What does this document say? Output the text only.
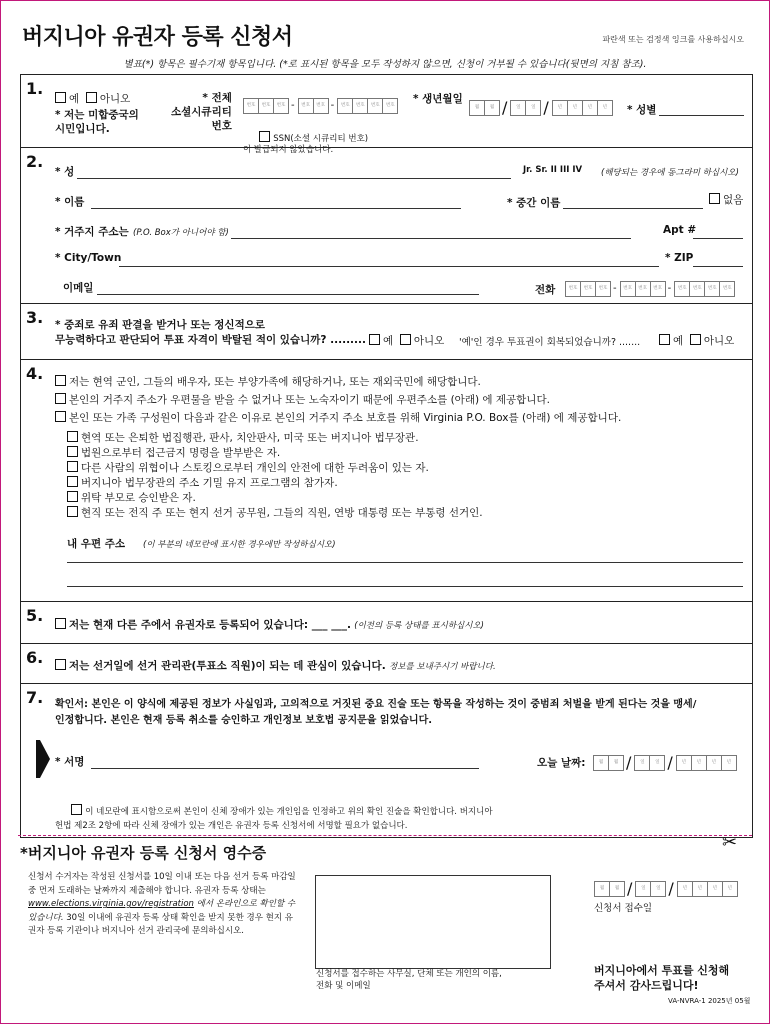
버지니아 유권자 등록 신청서	파란색 또는 검정색 잉크를 사용하십시오
별표(*) 항목은 필수기재 항목입니다. (*로 표시된 항목을 모두 작성하지 않으면, 신청이 거부될 수 있습니다(뒷면의 지침 참조).
1.
예 아니오
* 저는 미합중국의
시민입니다.
* 전체
소셜시큐리티
번호
번호 번호 번호 - 번호 번호 - 번호 번호 번호 번호

SSN(소셜 시큐리티 번호)
이 발급되지 않았습니다.

* 생년월일
월 월 / 일 일 / 년 년 년 년	* 성별
2.
* 성	Jr. Sr. II III IV (해당되는 경우에 동그라미 하십시오)
* 이름	* 중간 이름	없음
* 거주지 주소는 (P.O. Box가 아니어야 함)	Apt #
* City/Town	* ZIP
이메일	전화	번호 번호 번호 - 번호 번호 번호 - 번호 번호 번호 번호
3. * 중죄로 유죄 판결을 받거나 또는 정신적으로
무능력하다고 판단되어 투표 자격이 박탈된 적이 있습니까? .........	예 아니오 '예'인 경우 투표권이 회복되었습니까? .......	예 아니오
4.	저는 현역 군인, 그들의 배우자, 또는 부양가족에 해당하거나, 또는 재외국민에 해당합니다.
본인의 거주지 주소가 우편물을 받을 수 없거나 또는 노숙자이기 때문에 우편주소를 (아래) 에 제공합니다.
본인 또는 가족 구성원이 다음과 같은 이유로 본인의 거주지 주소 보호를 위해 Virginia P.O. Box를 (아래) 에 제공합니다.
현역 또는 은퇴한 법집행관, 판사, 치안판사, 미국 또는 버지니아 법무장관.
법원으로부터 접근금지 명령을 발부받은 자.
다른 사람의 위협이나 스토킹으로부터 개인의 안전에 대한 두려움이 있는 자.
버지니아 법무장관의 주소 기밀 유지 프로그램의 참가자.
위탁 부모로 승인받은 자.
현직 또는 전직 주 또는 현지 선거 공무원, 그들의 직원, 연방 대통령 또는 부통령 선거인.
내 우편 주소 (이 부분의 네모란에 표시한 경우에만 작성하십시오)
5.	저는 현재 다른 주에서 유권자로 등록되어 있습니다: ___ ___. (이전의 등록 상태를 표시하십시오)
6.	저는 선거일에 선거 관리관(투표소 직원)이 되는 데 관심이 있습니다. 정보를 보내주시기 바랍니다.
7. 확인서: 본인은 이 양식에 제공된 정보가 사실임과, 고의적으로 거짓된 중요 진술 또는 항목을 작성하는 것이 중범죄 처벌을 받게 된다는 것을 맹세/
인정합니다. 본인은 현재 등록 취소를 승인하고 개인정보 보호법 공지문을 읽었습니다.
* 서명	오늘 날짜:	월 월 / 일 일 / 년 년 년 년

이 네모란에 표시함으로써 본인이 신체 장애가 있는 개인임을 인정하고 위의 확인 진술을 확인합니다. 버지니아
헌법 제2조 2항에 따라 신체 장애가 있는 개인은 유권자 등록 신청서에 서명할 필요가 없습니다.

✂
*버지니아 유권자 등록 신청서 영수증
신청서 수거자는 작성된 신청서를 10일 이내 또는 다음 선거 등록 마감일 중 먼저 도래하는 날짜까지 제출해야 합니다. 유권자 등록 상태는 www.elections.virginia.gov/registration 에서 온라인으로 확인할 수 있습니다. 30일 이내에 유권자 등록 상태 확인을 받지 못한 경우 현지 유권자 등록 기관이나 버지니아 선거 관리국에 문의하십시오.
신청서를 접수하는 사무실, 단체 또는 개인의 이름,
전화 및 이메일
월 월 / 일 일 / 년 년 년 년
신청서 접수일
버지니아에서 투표를 신청해
주셔서 감사드립니다!
VA-NVRA-1 2025년 05월
